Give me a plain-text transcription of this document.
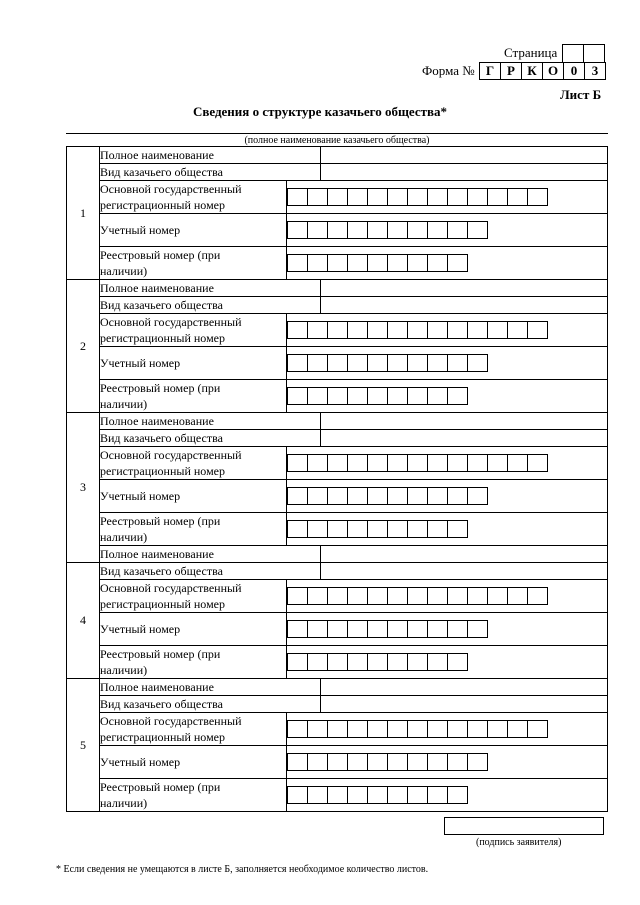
Страница
Форма № Г Р К О 0	3
Лист Б
Сведения о структуре казачьего общества*
(полное наименование казачьего общества)
1	Полное наименование		
	Вид казачьего общества		
	Основной государственный
регистрационный номер		

	Учетный номер		

	Реестровый номер (при
наличии)		

2	Полное наименование		
	Вид казачьего общества		
	Основной государственный
регистрационный номер		

	Учетный номер		

	Реестровый номер (при
наличии)		

3	Полное наименование		
	Вид казачьего общества		
	Основной государственный
регистрационный номер		

	Учетный номер		

	Реестровый номер (при
наличии)		

	Полное наименование		
4	Вид казачьего общества		
	Основной государственный
регистрационный номер		

	Учетный номер		

	Реестровый номер (при
наличии)		

5	Полное наименование		
	Вид казачьего общества		
	Основной государственный
регистрационный номер		

	Учетный номер		

	Реестровый номер (при
наличии)		
(подпись заявителя)
* Если сведения не умещаются в листе Б, заполняется необходимое количество листов.
